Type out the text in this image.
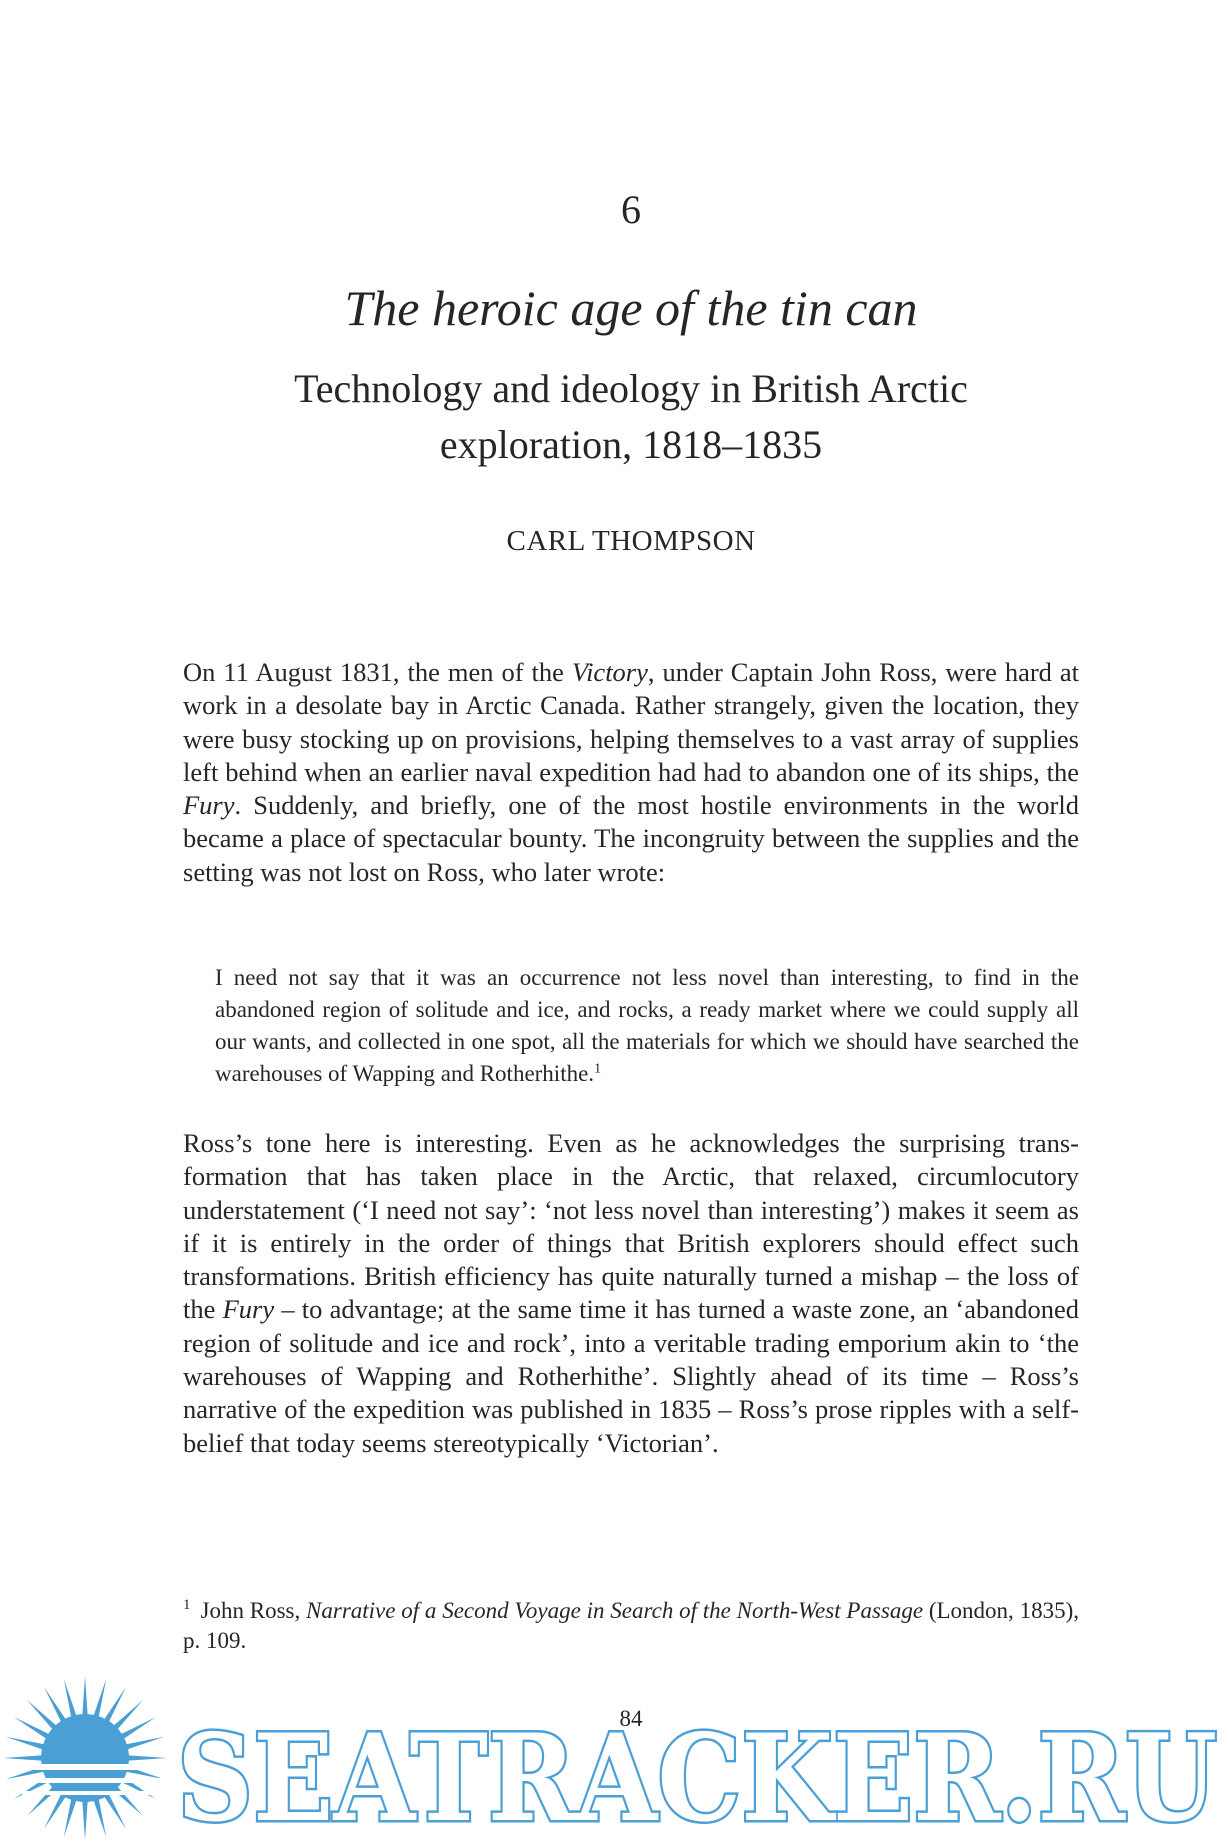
6
The heroic age of the tin can
Technology and ideology in British Arctic exploration, 1818–1835
CARL THOMPSON

On 11 August 1831, the men of the Victory, under Captain John Ross, were hard at work in a desolate bay in Arctic Canada. Rather strangely, given the location, they were busy stocking up on provisions, helping themselves to a vast array of supplies left behind when an earlier naval expedition had had to abandon one of its ships, the Fury. Suddenly, and briefly, one of the most hostile environments in the world became a place of spectacular bounty. The incongruity between the supplies and the setting was not lost on Ross, who later wrote:

I need not say that it was an occurrence not less novel than interesting, to find in the abandoned region of solitude and ice, and rocks, a ready market where we could supply all our wants, and collected in one spot, all the materials for which we should have searched the warehouses of Wapping and Rotherhithe.$^1$

Ross’s tone here is interesting. Even as he acknowledges the surprising transformation that has taken place in the Arctic, that relaxed, circumlocutory understatement (‘I need not say’: ‘not less novel than interesting’) makes it seem as if it is entirely in the order of things that British explorers should effect such transformations. British efficiency has quite naturally turned a mishap – the loss of the Fury – to advantage; at the same time it has turned a waste zone, an ‘abandoned region of solitude and ice and rock’, into a veritable trading emporium akin to ‘the warehouses of Wapping and Rotherhithe’. Slightly ahead of its time – Ross’s narrative of the expedition was published in 1835 – Ross’s prose ripples with a self-belief that today seems stereotypically ‘Victorian’.

$^1$ John Ross, Narrative of a Second Voyage in Search of the North-West Passage (London, 1835), p. 109.

84
SEATRACKER.RU
